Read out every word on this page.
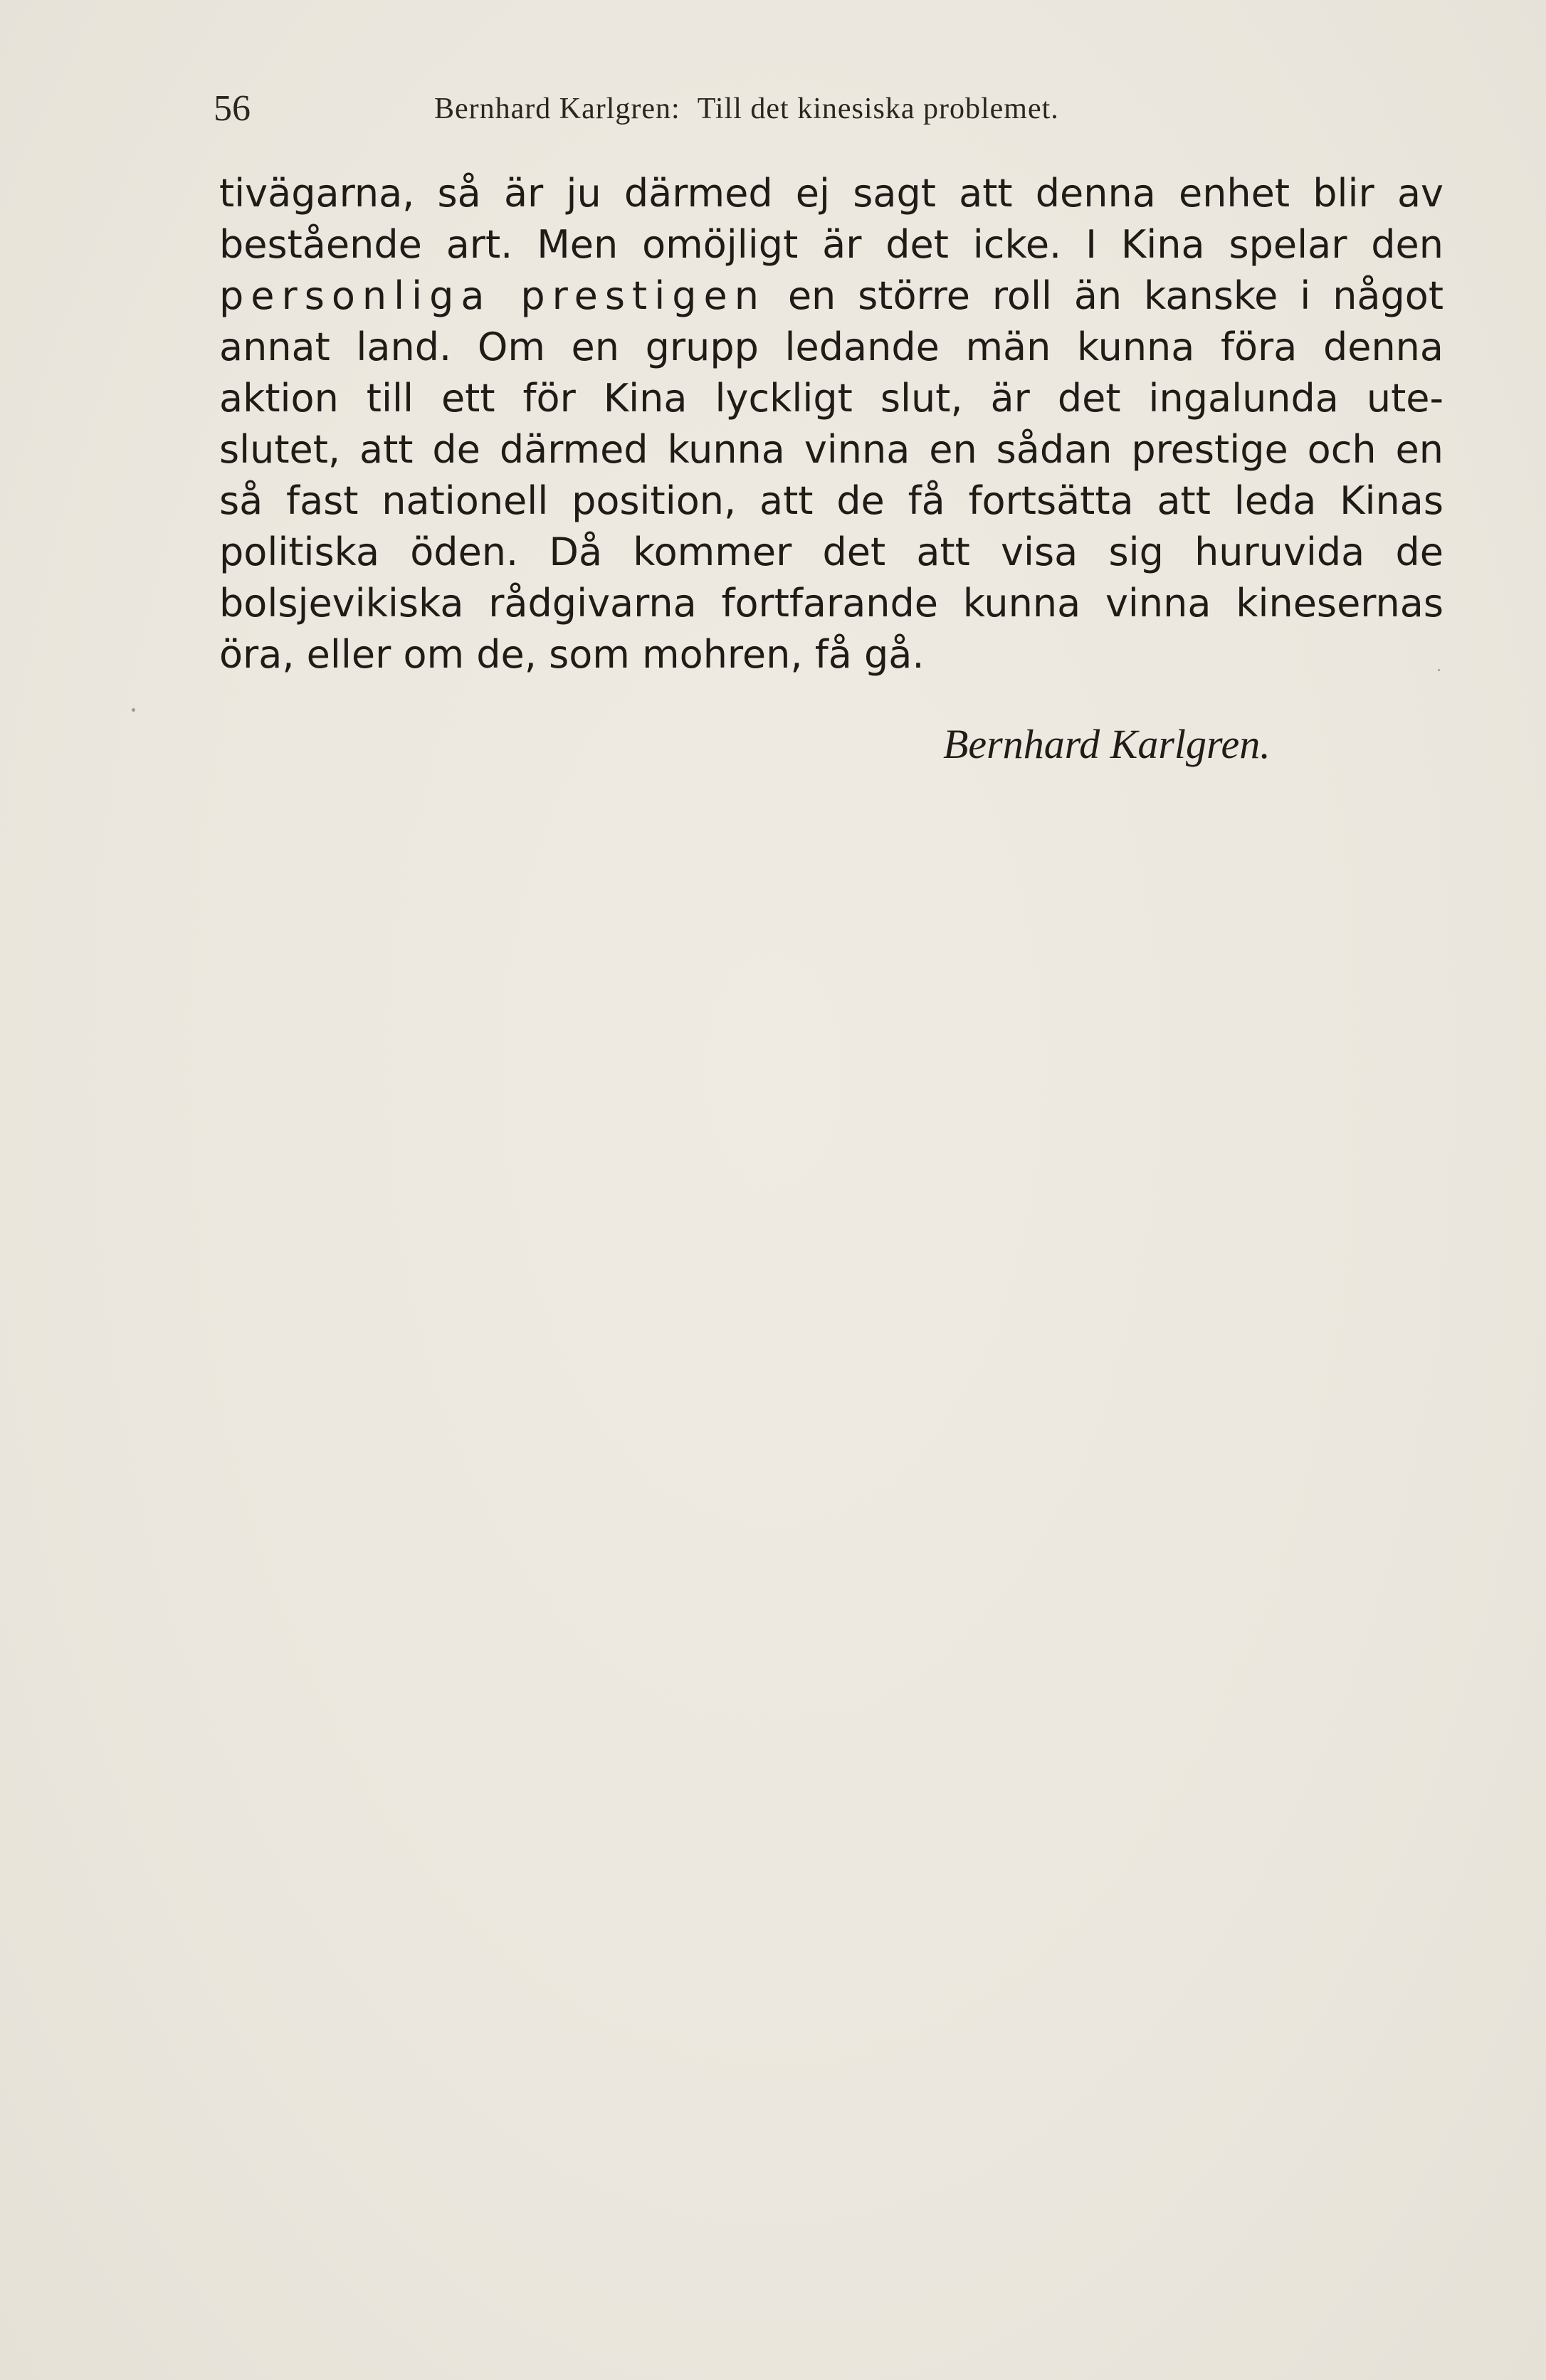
56	Bernhard Karlgren: Till det kinesiska problemet.
tivägarna, så är ju därmed ej sagt att denna enhet blir av
bestående art. Men omöjligt är det icke. I Kina spelar den
personliga prestigen en större roll än kanske i något
annat land. Om en grupp ledande män kunna föra denna
aktion till ett för Kina lyckligt slut, är det ingalunda ute-
slutet, att de därmed kunna vinna en sådan prestige och en
så fast nationell position, att de få fortsätta att leda Kinas
politiska öden. Då kommer det att visa sig huruvida de
bolsjevikiska rådgivarna fortfarande kunna vinna kinesernas
öra, eller om de, som mohren, få gå.
Bernhard Karlgren.
